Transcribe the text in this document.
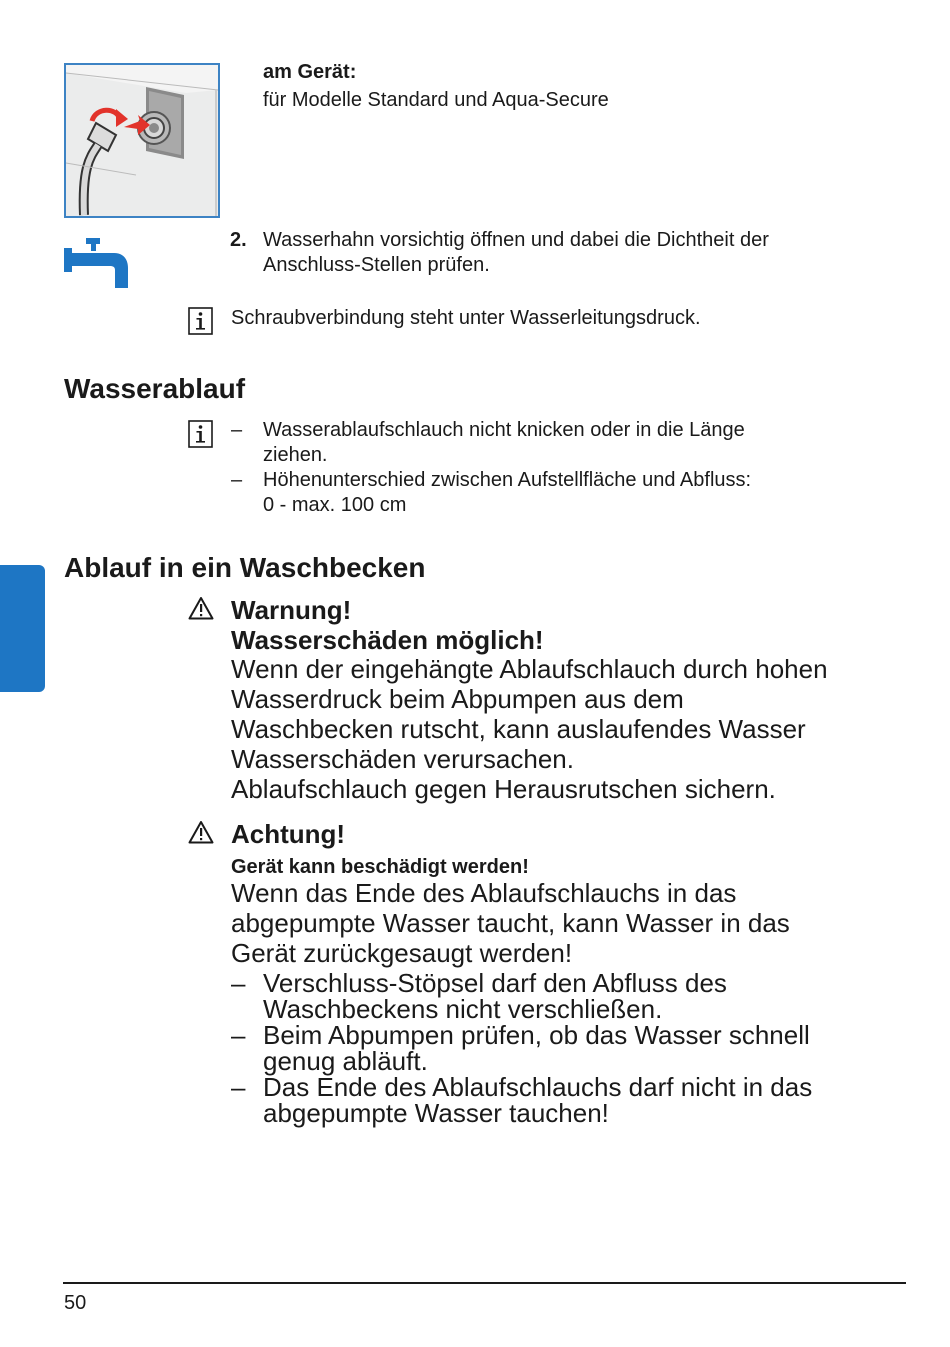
am Gerät:
für Modelle Standard und Aqua-Secure
2. Wasserhahn vorsichtig öffnen und dabei die Dichtheit der
Anschluss-Stellen prüfen.
Schraubverbindung steht unter Wasserleitungsdruck.
Wasserablauf
– Wasserablaufschlauch nicht knicken oder in die Länge
ziehen.
– Höhenunterschied zwischen Aufstellfläche und Abfluss:
0 - max. 100 cm
Ablauf in ein Waschbecken
Warnung!
Wasserschäden möglich!
Wenn der eingehängte Ablaufschlauch durch hohen
Wasserdruck beim Abpumpen aus dem
Waschbecken rutscht, kann auslaufendes Wasser
Wasserschäden verursachen.
Ablaufschlauch gegen Herausrutschen sichern.
Achtung!
Gerät kann beschädigt werden!
Wenn das Ende des Ablaufschlauchs in das
abgepumpte Wasser taucht, kann Wasser in das
Gerät zurückgesaugt werden!
– Verschluss-Stöpsel darf den Abfluss des
Waschbeckens nicht verschließen.
– Beim Abpumpen prüfen, ob das Wasser schnell
genug abläuft.
– Das Ende des Ablaufschlauchs darf nicht in das
abgepumpte Wasser tauchen!
50
